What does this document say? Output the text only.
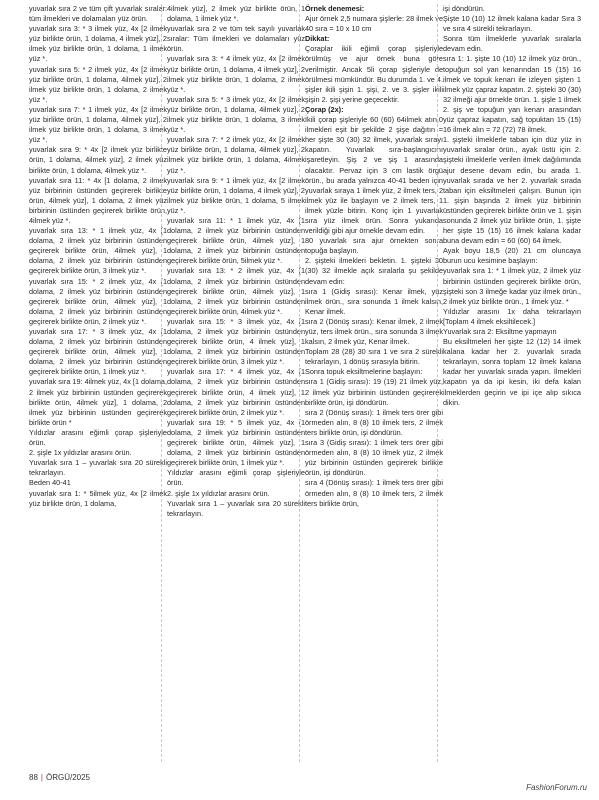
yuvarlak sıra 2 ve tüm çift yuvarlak sıralar: tüm ilmekleri ve dolamaları yüz örün.

yuvarlak sıra 3: * 3 ilmek yüz, 4x [2 ilmek yüz birlikte örün, 1 dolama, 4 ilmek yüz], 2 ilmek yüz birlikte örün, 1 dolama, 1 ilmek yüz *.

yuvarlak sıra 5: * 2 ilmek yüz, 4x [2 ilmek yüz birlikte örün, 1 dolama, 4ilmek yüz], 2 ilmek yüz birlikte örün, 1 dolama, 2 ilmek yüz *.

yuvarlak sıra 7: * 1 ilmek yüz, 4x [2 ilmek yüz birlikte örün, 1 dolama, 4ilmek yüz], 2 ilmek yüz birlikte örün, 1 dolama, 3 ilmek yüz *.

yuvarlak sıra 9: * 4x [2 ilmek yüz birlikte örün, 1 dolama, 4ilmek yüz], 2 ilmek yüz birlikte örün, 1 dolama, 4ilmek yüz *.

yuvarlak sıra 11: * 4x [1 dolama, 2 ilmek yüz birbirinin üstünden geçirerek birlikte örün, 4ilmek yüz], 1 dolama, 2 ilmek yüz birbirinin üstünden geçirerek birlikte örün, 4ilmek yüz *.

yuvarlak sıra 13: * 1 ilmek yüz, 4x [1 dolama, 2 ilmek yüz birbirinin üstünden geçirerek birlikte örün, 4ilmek yüz], 1 dolama, 2 ilmek yüz birbirinin üstünden geçirerek birlikte örün, 3 ilmek yüz *.

yuvarlak sıra 15: * 2 ilmek yüz, 4x [1 dolama, 2 ilmek yüz birbirinin üstünden geçirerek birlikte örün, 4ilmek yüz], 1 dolama, 2 ilmek yüz birbirinin üstünden geçirerek birlikte örün, 2 ilmek yüz *.

yuvarlak sıra 17: * 3 ilmek yüz, 4x [1 dolama, 2 ilmek yüz birbirinin üstünden geçirerek birlikte örün, 4ilmek yüz], 1 dolama, 2 ilmek yüz birbirinin üstünden geçirerek birlikte örün, 1 ilmek yüz *.

yuvarlak sıra 19: 4ilmek yüz, 4x [1 dolama, 2 ilmek yüz birbirinin üstünden geçirerek birlikte örün, 4ilmek yüz], 1 dolama, 2 ilmek yüz birbirinin üstünden geçirerek birlikte örün *

Yıldızlar arasını eğimli çorap şişleriyle örün.

2. şişle 1x yıldızlar arasını örün.

Yuvarlak sıra 1 – yuvarlak sıra 20 sürekli tekrarlayın.

Beden 40-41

yuvarlak sıra 1: * 5ilmek yüz, 4x [2 ilmek yüz birlikte örün, 1 dolama,

4ilmek yüz], 2 ilmek yüz birlikte örün, 1 dolama, 1 ilmek yüz *.

yuvarlak sıra 2 ve tüm tek sayılı yuvarlak sıralar: Tüm ilmekleri ve dolamaları yüz örün.

yuvarlak sıra 3: * 4 ilmek yüz, 4x [2 ilmek yüz birlikte örün, 1 dolama, 4 ilmek yüz], 2 ilmek yüz birlikte örün, 1 dolama, 2 ilmek yüz *.

yuvarlak sıra 5: * 3 ilmek yüz, 4x [2 ilmek yüz birlikte örün, 1 dolama, 4ilmek yüz], 2 ilmek yüz birlikte örün, 1 dolama, 3 ilmek yüz *.

yuvarlak sıra 7: * 2 ilmek yüz, 4x [2 ilmek yüz birlikte örün, 1 dolama, 4ilmek yüz], 2 ilmek yüz birlikte örün, 1 dolama, 4ilmek yüz *.

yuvarlak sıra 9: * 1 ilmek yüz, 4x [2 ilmek yüz birlikte örün, 1 dolama, 4 ilmek yüz], 2 ilmek yüz birlikte örün, 1 dolama, 5 ilmek yüz *.

yuvarlak sıra 11: * 1 ilmek yüz, 4x [1 dolama, 2 ilmek yüz birbirinin üstünden geçirerek birlikte örün, 4ilmek yüz], 1 dolama, 2 ilmek yüz birbirinin üstünden geçirerek birlikte örün, 5ilmek yüz *.

yuvarlak sıra 13: * 2 ilmek yüz, 4x [1 dolama, 2 ilmek yüz birbirinin üstünden geçirerek birlikte örün, 4ilmek yüz], 1 dolama, 2 ilmek yüz birbirinin üstünden geçirerek birlikte örün, 4ilmek yüz *.

yuvarlak sıra 15: * 3 ilmek yüz, 4x [1 dolama, 2 ilmek yüz birbirinin üstünden geçirerek birlikte örün, 4 ilmek yüz], 1 dolama, 2 ilmek yüz birbirinin üstünden geçirerek birlikte örün, 3 ilmek yüz *.

yuvarlak sıra 17: * 4 ilmek yüz, 4x [1 dolama, 2 ilmek yüz birbirinin üstünden geçirerek birlikte örün, 4 ilmek yüz], 1 dolama, 2 ilmek yüz birbirinin üstünden geçirerek birlikte örün, 2 ilmek yüz *.

yuvarlak sıra 19: * 5 ilmek yüz, 4x [1 dolama, 2 ilmek yüz birbirinin üstünden geçirerek birlikte örün, 4ilmek yüz], 1 dolama, 2 ilmek yüz birbirinin üstünden geçirerek birlikte örün, 1 ilmek yüz *.

Yıldızlar arasını eğimli çorap şişleriyle örün.

2. şişle 1x yıldızlar arasını örün.

Yuvarlak sıra 1 – yuvarlak sıra 20 sürekli tekrarlayın.

Örnek denemesi:

Ajur örnek 2,5 numara şişlerle: 28 ilmek ve 40 sıra = 10 x 10 cm

Dikkat:

Çoraplar ikili eğimli çorap şişleriyle örülmüş ve ajur örnek buna göre verilmiştir. Ancak 5li çorap şişleriyle de örülmesi mümkündür. Bu durumda 1. ve 4. şişler ikili şişin 1. şişi, 2. ve 3. şişler ikili şişin 2. şişi yerine geçecektir.

Çorap (2x):

İkili çorap şişleriyle 60 (60) 64ilmek atın,0 ilmekleri eşit bir şekilde 2 şişe dağıtın = her şişte 30 (30) 32 ilmek, yuvarlak sırayı kapatın. Yuvarlak sıra-başlangıcını işaretleyin. Şiş 2 ve şiş 1 arasında olacaktır. Pervaz için 3 cm lastik örgü örün., bu arada yalnızca 40-41 beden için yuvarlak sıraya 1 ilmek yüz, 2 ilmek ters, 2 ilmek yüz ile başlayın ve 2 ilmek ters, 1 ilmek yüzle bitirin. Konç için 1 yuvarlak sıra yüz ilmek örün. Sonra yukarıda verildiği gibi ajur örnekle devam edin.

80 yuvarlak sıra ajur örnekten sonra topuğa başlayın.

2. şişteki ilmekleri bekletin. 1. şişteki 30 (30) 32 ilmekle açık sıralarla şu şekilde devam edin:

sıra 1 (Gidiş sırası): Kenar ilmek, yüz ilmek örün., sıra sonunda 1 ilmek kalsın, Kenar ilmek.

sıra 2 (Dönüş sırası): Kenar ilmek, 2 ilmek yüz, ters ilmek örün., sıra sonunda 3 ilmek kalsın, 2 ilmek yüz, Kenar ilmek.

Toplam 28 (28) 30 sıra 1 ve sıra 2 sürekli tekrarlayın, 1 dönüş sırasıyla bitirin.

Sonra topuk eksiltmelerine başlayın:

sıra 1 (Gidiş sırası): 19 (19) 21 ilmek yüz, 2 ilmek yüz birbirinin üstünden geçirerek birlikte örün, işi döndürün.

sıra 2 (Dönüş sırası): 1 ilmek ters örer gibi örmeden alın, 8 (8) 10 ilmek ters, 2 ilmek ters birlikte örün, işi döndürün.

sıra 3 (Gidiş sırası): 1 ilmek ters örer gibi örmeden alın, 8 (8) 10 ilmek yüz, 2 ilmek yüz birbirinin üstünden geçirerek birlikte örün, işi döndürün.

sıra 4 (Dönüş sırası): 1 ilmek ters örer gibi örmeden alın, 8 (8) 10 ilmek ters, 2 ilmek ters birlikte örün,

işi döndürün.

Şişte 10 (10) 12 ilmek kalana kadar Sıra 3 ve sıra 4 sürekli tekrarlayın.

Sonra tüm ilmeklerle yuvarlak sıralarla devam edin.

sıra 1: 1. şişte 10 (10) 12 ilmek yüz örün., topuğun sol yan kenarından 15 (15) 16 ilmek ve topuk kenarı ile izleyen şişten 1 ilmek yüz çapraz kapatın. 2. şişteki 30 (30) 32 ilmeği ajur örnekle örün. 1. şişle 1 ilmek 2. şiş ve topuğun yan kenarı arasından yüz çapraz kapatın, sağ topuktan 15 (15) 16 ilmek alın = 72 (72) 78 ilmek.

1. şişteki ilmeklerle taban için düz yüz in yuvarlak sıralar örün., ayak üstü için 2. şişteki ilmeklerle verilen ilmek dağılımında ajur desene devam edin, bu arada 1. yuvarlak sırada ve her 2. yuvarlak sırada taban için eksiltmeleri çalışın. Bunun için 1. şişin başında 2 ilmek yüz birbirinin üstünden geçirerek birlikte örün ve 1. şişin sonunda 2 ilmek yüz birlikte örün, 1. şişte her şişte 15 (15) 16 ilmek kalana kadar buna devam edin = 60 (60) 64 ilmek.

Ayak boyu 18,5 (20) 21 cm oluncaya burun ucu kesimine başlayın:

yuvarlak sıra 1: * 1 ilmek yüz, 2 ilmek yüz birbirinin üstünden geçirerek birlikte örün, şişteki son 3 ilmeğe kadar yüz ilmek örün., 2 ilmek yüz birlikte örün., 1 ilmek yüz. *

Yıldızlar arasını 1x daha tekrarlayın [Toplam 4 ilmek eksiltilecek.]

Yuvarlak sıra 2: Eksiltme yapmayın

Bu eksiltmeleri her şişte 12 (12) 14 ilmek kalana kadar her 2. yuvarlak sırada tekrarlayın, sonra toplam 12 ilmek kalana kadar her yuvarlak sırada yapın. İlmekleri kapatın ya da ipi kesin, iki defa kalan ilmeklerden geçirin ve ipi içe alıp sıkıca dikin.

88 | ÖRGÜ/2025
FashionForum.ru
